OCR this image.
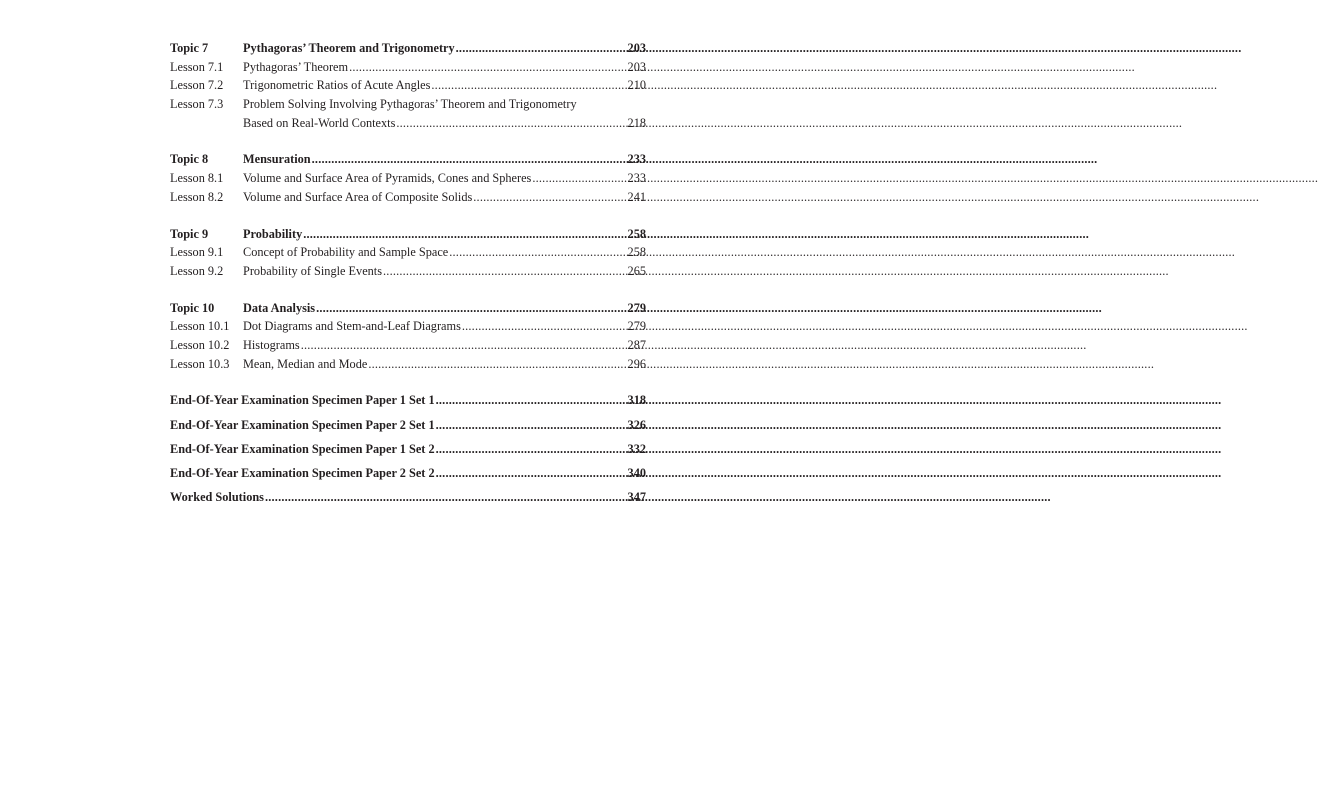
Topic 7	Pythagoras’ Theorem and Trigonometry .....	203
Lesson 7.1	Pythagoras’ Theorem .....	203
Lesson 7.2	Trigonometric Ratios of Acute Angles .....	210
Lesson 7.3	Problem Solving Involving Pythagoras’ Theorem and Trigonometry
Based on Real-World Contexts .....	218
Topic 8	Mensuration .....	233
Lesson 8.1	Volume and Surface Area of Pyramids, Cones and Spheres .....	233
Lesson 8.2	Volume and Surface Area of Composite Solids .....	241
Topic 9	Probability .....	258
Lesson 9.1	Concept of Probability and Sample Space .....	258
Lesson 9.2	Probability of Single Events .....	265
Topic 10	Data Analysis .....	279
Lesson 10.1	Dot Diagrams and Stem-and-Leaf Diagrams .....	279
Lesson 10.2	Histograms .....	287
Lesson 10.3	Mean, Median and Mode .....	296
End-Of-Year Examination Specimen Paper 1 Set 1 .....	318
End-Of-Year Examination Specimen Paper 2 Set 1 .....	326
End-Of-Year Examination Specimen Paper 1 Set 2 .....	332
End-Of-Year Examination Specimen Paper 2 Set 2 .....	340
Worked Solutions .....	347
